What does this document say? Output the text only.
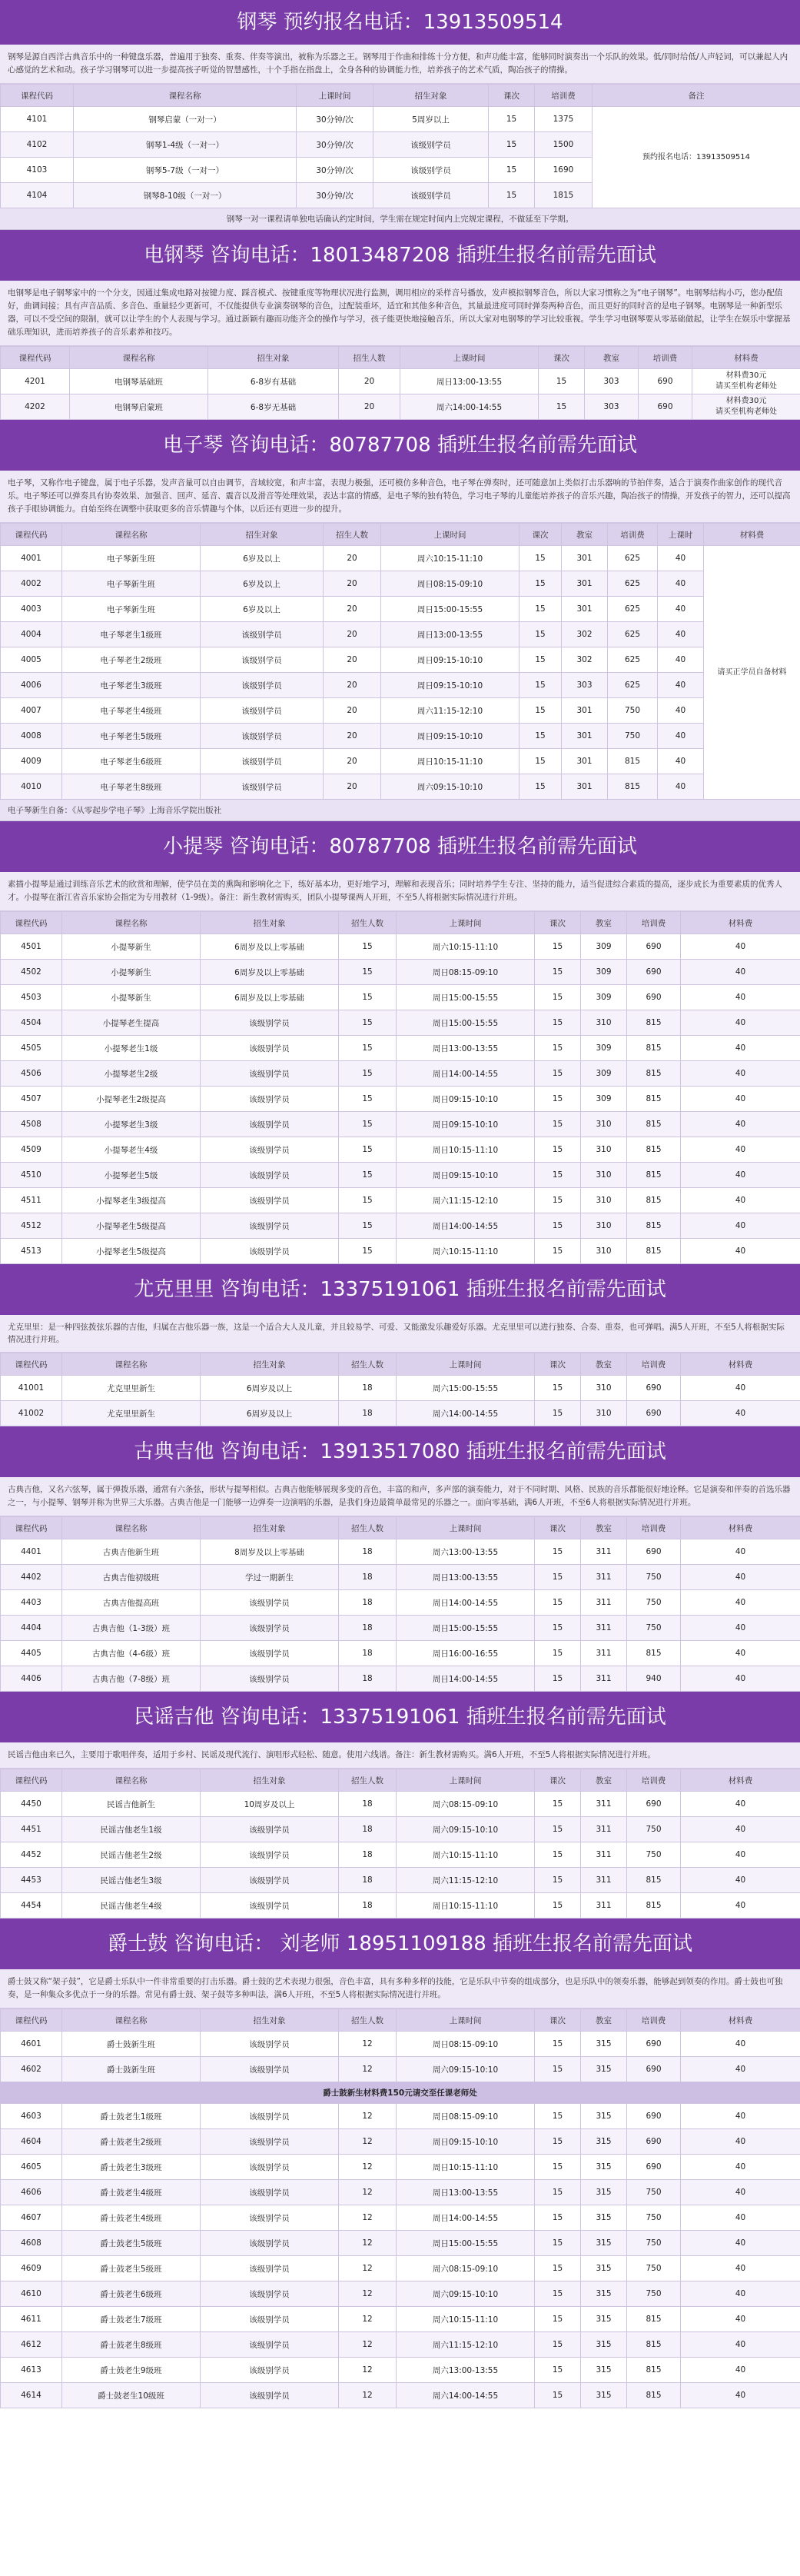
钢琴 预约报名电话：13913509514
钢琴是源自西洋古典音乐中的一种键盘乐器，普遍用于独奏、重奏、伴奏等演出，被称为乐器之王。钢琴用于作曲和排练十分方便，和声功能丰富，能够同时演奏出一个乐队的效果。低/同时给低/人声轻词，可以兼起人内心感觉的艺术和动。孩子学习钢琴可以进一步提高孩子听觉的智慧感性，十个手指在指盘上，全身各种的协调能力性，培养孩子的艺术气质，陶冶孩子的情操。
课程代码	课程名称	上课时间	招生对象	课次	培训费	备注
4101	钢琴启蒙（一对一）	30分钟/次	5周岁以上	15	1375	预约报名电话：13913509514
4102	钢琴1-4级（一对一）	30分钟/次	该级别学员	15	1500	
4103	钢琴5-7级（一对一）	30分钟/次	该级别学员	15	1690	
4104	钢琴8-10级（一对一）	30分钟/次	该级别学员	15	1815	
钢琴一对一课程请单独电话确认约定时间，学生需在规定时间内上完规定课程，不做延至下学期。
电钢琴 咨询电话：18013487208 插班生报名前需先面试
电钢琴是电子钢琴家中的一个分支，因通过集成电路对按键力度、踩音模式、按键重度等物理状况进行监测，调用相应的采样音号播放，发声模拟钢琴音色，所以大家习惯称之为“电子钢琴”。电钢琴结构小巧，您办配值好，曲调间接；具有声音品质、多音色、重量轻少更新可，不仅能提供专业演奏钢琴的音色，过配装重坏，适宜和其他多种音色，其量最进度可同时弹奏两种音色，而且更好的同时音的是电子钢琴。电钢琴是一种新型乐器，可以不受空间的限制，就可以让学生的个人表现与学习。通过新颖有趣而功能齐全的操作与学习，孩子能更快地接触音乐，所以大家对电钢琴的学习比较重视。学生学习电钢琴要从零基础做起，让学生在娱乐中掌握基础乐理知识，进而培养孩子的音乐素养和技巧。
课程代码	课程名称	招生对象	招生人数	上课时间	课次	教室	培训费	材料费
4201	电钢琴基础班	6-8岁有基础	20	周日13:00-13:55	15	303	690	材料费30元
请买至机构老师处
4202	电钢琴启蒙班	6-8岁无基础	20	周六14:00-14:55	15	303	690	材料费30元
请买至机构老师处
电子琴 咨询电话：80787708 插班生报名前需先面试
电子琴，又称作电子键盘，属于电子乐器，发声音量可以自由调节，音域较宽，和声丰富，表现力极强，还可模仿多种音色，电子琴在弹奏时，还可随意加上类似打击乐器响的节拍伴奏，适合于演奏作曲家创作的现代音乐。电子琴还可以弹奏具有协奏效果、加强音、回声、延音、震音以及滑音等处理效果，表达丰富的情感，是电子琴的独有特色，学习电子琴的儿童能培养孩子的音乐兴趣，陶冶孩子的情操，开发孩子的智力，还可以提高孩子手眼协调能力。自始至终在调整中获取更多的音乐情趣与个体，以后还有更进一步的提升。
课程代码	课程名称	招生对象	招生人数	上课时间	课次	教室	培训费	上课时	材料费
4001	电子琴新生班	6岁及以上	20	周六10:15-11:10	15	301	625	40	请买正学员自备材料
4002	电子琴新生班	6岁及以上	20	周日08:15-09:10	15	301	625	40	
4003	电子琴新生班	6岁及以上	20	周日15:00-15:55	15	301	625	40	
4004	电子琴老生1级班	该级别学员	20	周日13:00-13:55	15	302	625	40	
4005	电子琴老生2级班	该级别学员	20	周日09:15-10:10	15	302	625	40	
4006	电子琴老生3级班	该级别学员	20	周日09:15-10:10	15	303	625	40	
4007	电子琴老生4级班	该级别学员	20	周六11:15-12:10	15	301	750	40	
4008	电子琴老生5级班	该级别学员	20	周日09:15-10:10	15	301	750	40	
4009	电子琴老生6级班	该级别学员	20	周日10:15-11:10	15	301	815	40	
4010	电子琴老生8级班	该级别学员	20	周六09:15-10:10	15	301	815	40	
电子琴新生自备：《从零起步学电子琴》上海音乐学院出版社
小提琴 咨询电话：80787708 插班生报名前需先面试
素描小提琴是通过训练音乐艺术的欣赏和理解，使学员在美的熏陶和影响化之下，练好基本功，更好地学习，理解和表现音乐；同时培养学生专注、坚持的能力，适当促进综合素质的提高，逐步成长为重要素质的优秀人才。小提琴在浙江省音乐家协会指定为专用教材（1-9级）。备注：新生教材需购买，团队小提琴课两人开班，不至5人将根据实际情况进行并班。
课程代码	课程名称	招生对象	招生人数	上课时间	课次	教室	培训费	材料费
4501	小提琴新生	6周岁及以上零基础	15	周六10:15-11:10	15	309	690	40
4502	小提琴新生	6周岁及以上零基础	15	周日08:15-09:10	15	309	690	40
4503	小提琴新生	6周岁及以上零基础	15	周日15:00-15:55	15	309	690	40
4504	小提琴老生提高	该级别学员	15	周日15:00-15:55	15	310	815	40
4505	小提琴老生1级	该级别学员	15	周日13:00-13:55	15	309	815	40
4506	小提琴老生2级	该级别学员	15	周日14:00-14:55	15	309	815	40
4507	小提琴老生2级提高	该级别学员	15	周日09:15-10:10	15	309	815	40
4508	小提琴老生3级	该级别学员	15	周日09:15-10:10	15	310	815	40
4509	小提琴老生4级	该级别学员	15	周日10:15-11:10	15	310	815	40
4510	小提琴老生5级	该级别学员	15	周日09:15-10:10	15	310	815	40
4511	小提琴老生3级提高	该级别学员	15	周六11:15-12:10	15	310	815	40
4512	小提琴老生5级提高	该级别学员	15	周日14:00-14:55	15	310	815	40
4513	小提琴老生5级提高	该级别学员	15	周六10:15-11:10	15	310	815	40
尤克里里 咨询电话：13375191061 插班生报名前需先面试
尤克里里：是一种四弦拨弦乐器的吉他，归属在吉他乐器一族，这是一个适合大人及儿童，并且较易学、可爱、又能激发乐趣爱好乐器。尤克里里可以进行独奏、合奏、重奏，也可弹唱。满5人开班，不至5人将根据实际情况进行并班。
课程代码	课程名称	招生对象	招生人数	上课时间	课次	教室	培训费	材料费
41001	尤克里里新生	6周岁及以上	18	周六15:00-15:55	15	310	690	40
41002	尤克里里新生	6周岁及以上	18	周六14:00-14:55	15	310	690	40
古典吉他 咨询电话：13913517080 插班生报名前需先面试
古典吉他，又名六弦琴，属于弹拨乐器，通常有六条弦，形状与提琴相似。古典吉他能够展现多变的音色，丰富的和声，多声部的演奏能力，对于不同时期、风格、民族的音乐都能很好地诠释。它是演奏和伴奏的首选乐器之一，与小提琴、钢琴并称为世界三大乐器。古典吉他是一门能够一边弹奏一边演唱的乐器，是我们身边最简单最常见的乐器之一。面向零基础，满6人开班，不至6人将根据实际情况进行并班。
课程代码	课程名称	招生对象	招生人数	上课时间	课次	教室	培训费	材料费
4401	古典吉他新生班	8周岁及以上零基础	18	周六13:00-13:55	15	311	690	40
4402	古典吉他初级班	学过一期新生	18	周日13:00-13:55	15	311	750	40
4403	古典吉他提高班	该级别学员	18	周日14:00-14:55	15	311	750	40
4404	古典吉他（1-3级）班	该级别学员	18	周日15:00-15:55	15	311	750	40
4405	古典吉他（4-6级）班	该级别学员	18	周日16:00-16:55	15	311	815	40
4406	古典吉他（7-8级）班	该级别学员	18	周日14:00-14:55	15	311	940	40
民谣吉他 咨询电话：13375191061 插班生报名前需先面试
民谣吉他由来已久，主要用于歌唱伴奏，适用于乡村、民谣及现代流行、演唱形式轻松、随意。使用六线谱。备注：新生教材需购买。满6人开班，不至5人将根据实际情况进行并班。
课程代码	课程名称	招生对象	招生人数	上课时间	课次	教室	培训费	材料费
4450	民谣吉他新生	10周岁及以上	18	周六08:15-09:10	15	311	690	40
4451	民谣吉他老生1级	该级别学员	18	周六09:15-10:10	15	311	750	40
4452	民谣吉他老生2级	该级别学员	18	周六10:15-11:10	15	311	750	40
4453	民谣吉他老生3级	该级别学员	18	周六11:15-12:10	15	311	815	40
4454	民谣吉他老生4级	该级别学员	18	周日10:15-11:10	15	311	815	40
爵士鼓 咨询电话： 刘老师 18951109188 插班生报名前需先面试
爵士鼓又称“架子鼓”，它是爵士乐队中一件非常重要的打击乐器。爵士鼓的艺术表现力很强，音色丰富，具有多种多样的技能，它是乐队中节奏的组成部分，也是乐队中的领奏乐器，能够起到领奏的作用。爵士鼓也可独奏，是一种集众多优点于一身的乐器。常见有爵士鼓、架子鼓等多种叫法，满6人开班，不至5人将根据实际情况进行并班。
课程代码	课程名称	招生对象	招生人数	上课时间	课次	教室	培训费	材料费
4601	爵士鼓新生班	该级别学员	12	周日08:15-09:10	15	315	690	40
4602	爵士鼓新生班	该级别学员	12	周六09:15-10:10	15	315	690	40
爵士鼓新生材料费150元请交至任课老师处
4603	爵士鼓老生1级班	该级别学员	12	周日08:15-09:10	15	315	690	40
4604	爵士鼓老生2级班	该级别学员	12	周日09:15-10:10	15	315	690	40
4605	爵士鼓老生3级班	该级别学员	12	周日10:15-11:10	15	315	690	40
4606	爵士鼓老生4级班	该级别学员	12	周日13:00-13:55	15	315	750	40
4607	爵士鼓老生4级班	该级别学员	12	周日14:00-14:55	15	315	750	40
4608	爵士鼓老生5级班	该级别学员	12	周日15:00-15:55	15	315	750	40
4609	爵士鼓老生5级班	该级别学员	12	周六08:15-09:10	15	315	750	40
4610	爵士鼓老生6级班	该级别学员	12	周六09:15-10:10	15	315	750	40
4611	爵士鼓老生7级班	该级别学员	12	周六10:15-11:10	15	315	815	40
4612	爵士鼓老生8级班	该级别学员	12	周六11:15-12:10	15	315	815	40
4613	爵士鼓老生9级班	该级别学员	12	周六13:00-13:55	15	315	815	40
4614	爵士鼓老生10级班	该级别学员	12	周六14:00-14:55	15	315	815	40
